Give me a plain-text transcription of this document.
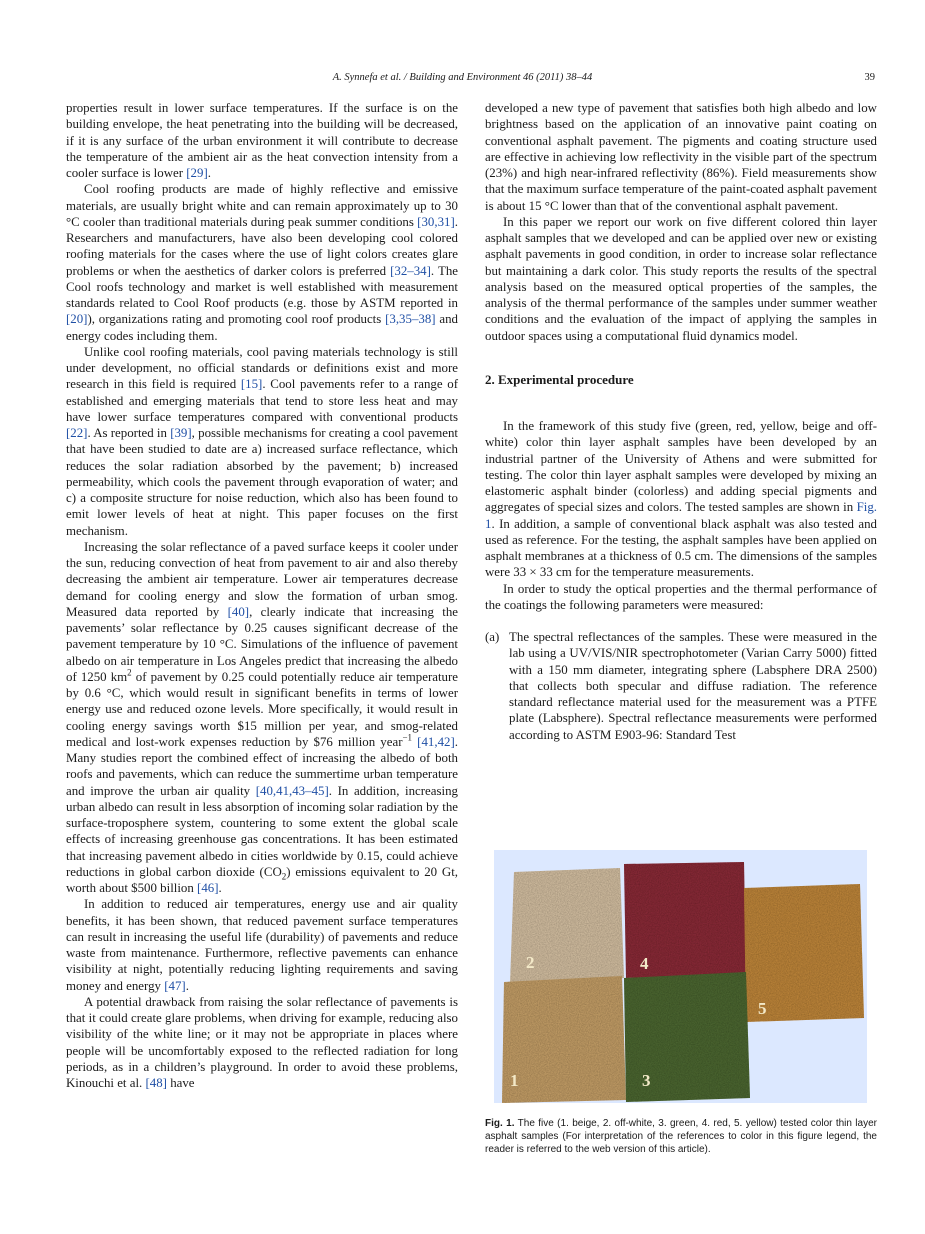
A. Synnefa et al. / Building and Environment 46 (2011) 38–44	39

properties result in lower surface temperatures. If the surface is on the building envelope, the heat penetrating into the building will be decreased, if it is any surface of the urban environment it will contribute to decrease the temperature of the ambient air as the heat convection intensity from a cooler surface is lower [29].

Cool roofing products are made of highly reflective and emissive materials, are usually bright white and can remain approximately up to 30 °C cooler than traditional materials during peak summer conditions [30,31]. Researchers and manufacturers, have also been developing cool colored roofing materials for the cases where the use of light colors creates glare problems or when the aesthetics of darker colors is preferred [32–34]. The Cool roofs technology and market is well established with measurement standards related to Cool Roof products (e.g. those by ASTM reported in [20]), organizations rating and promoting cool roof products [3,35–38] and energy codes including them.

Unlike cool roofing materials, cool paving materials technology is still under development, no official standards or definitions exist and more research in this field is required [15]. Cool pavements refer to a range of established and emerging materials that tend to store less heat and may have lower surface temperatures compared with conventional products [22]. As reported in [39], possible mechanisms for creating a cool pavement that have been studied to date are a) increased surface reflectance, which reduces the solar radiation absorbed by the pavement; b) increased permeability, which cools the pavement through evaporation of water; and c) a composite structure for noise reduction, which also has been found to emit lower levels of heat at night. This paper focuses on the first mechanism.

Increasing the solar reflectance of a paved surface keeps it cooler under the sun, reducing convection of heat from pavement to air and also thereby decreasing the ambient air temperature. Lower air temperatures decrease demand for cooling energy and slow the formation of urban smog. Measured data reported by [40], clearly indicate that increasing the pavements’ solar reflectance by 0.25 causes significant decrease of the pavement temperature by 10 °C. Simulations of the influence of pavement albedo on air temperature in Los Angeles predict that increasing the albedo of 1250 $km^2$ of pavement by 0.25 could potentially reduce air temperature by 0.6 °C, which would result in significant benefits in terms of lower energy use and reduced ozone levels. More specifically, it would result in cooling energy savings worth $15 million per year, and smog-related medical and lost-work expenses reduction by $76 million year$^{-1}$ [41,42]. Many studies report the combined effect of increasing the albedo of both roofs and pavements, which can reduce the summertime urban temperature and improve the urban air quality [40,41,43–45]. In addition, increasing urban albedo can result in less absorption of incoming solar radiation by the surface-troposphere system, countering to some extent the global scale effects of increasing greenhouse gas concentrations. It has been estimated that increasing pavement albedo in cities worldwide by 0.15, could achieve reductions in global carbon dioxide $(CO_2)$ emissions equivalent to 20 Gt, worth about $500 billion [46].

In addition to reduced air temperatures, energy use and air quality benefits, it has been shown, that reduced pavement surface temperatures can result in increasing the useful life (durability) of pavements and reduce waste from maintenance. Furthermore, reflective pavements can enhance visibility at night, potentially reducing lighting requirements and saving money and energy [47].

A potential drawback from raising the solar reflectance of pavements is that it could create glare problems, when driving for example, reducing also visibility of the white line; or it may not be appropriate in places where people will be uncomfortably exposed to the reflected radiation for long periods, as in a children’s playground. In order to avoid these problems, Kinouchi et al. [48] have

developed a new type of pavement that satisfies both high albedo and low brightness based on the application of an innovative paint coating on conventional asphalt pavement. The pigments and coating structure used are effective in achieving low reflectivity in the visible part of the spectrum (23%) and high near-infrared reflectivity (86%). Field measurements show that the maximum surface temperature of the paint-coated asphalt pavement is about 15 °C lower than that of the conventional asphalt pavement.

In this paper we report our work on five different colored thin layer asphalt samples that we developed and can be applied over new or existing asphalt pavements in good condition, in order to increase solar reflectance but maintaining a dark color. This study reports the results of the spectral analysis based on the measured optical properties of the samples, the analysis of the thermal performance of the samples under summer weather conditions and the evaluation of the impact of applying the samples in outdoor spaces using a computational fluid dynamics model.

2. Experimental procedure

In the framework of this study five (green, red, yellow, beige and off-white) color thin layer asphalt samples have been developed by an industrial partner of the University of Athens and were submitted for testing. The color thin layer asphalt samples were developed by mixing an elastomeric asphalt binder (colorless) and adding special pigments and aggregates of special sizes and colors. The tested samples are shown in Fig. 1. In addition, a sample of conventional black asphalt was also tested and used as reference. For the testing, the asphalt samples have been applied on asphalt membranes at a thickness of 0.5 cm. The dimensions of the samples were 33 × 33 cm for the temperature measurements.

In order to study the optical properties and the thermal performance of the coatings the following parameters were measured:

(a) The spectral reflectances of the samples. These were measured in the lab using a UV/VIS/NIR spectrophotometer (Varian Carry 5000) fitted with a 150 mm diameter, integrating sphere (Labsphere DRA 2500) that collects both specular and diffuse radiation. The reference standard reflectance material used for the measurement was a PTFE plate (Labsphere). Spectral reflectance measurements were performed according to ASTM E903-96: Standard Test
2	4
5
1	3
Fig. 1. The five (1. beige, 2. off-white, 3. green, 4. red, 5. yellow) tested color thin layer asphalt samples (For interpretation of the references to color in this figure legend, the reader is referred to the web version of this article).
